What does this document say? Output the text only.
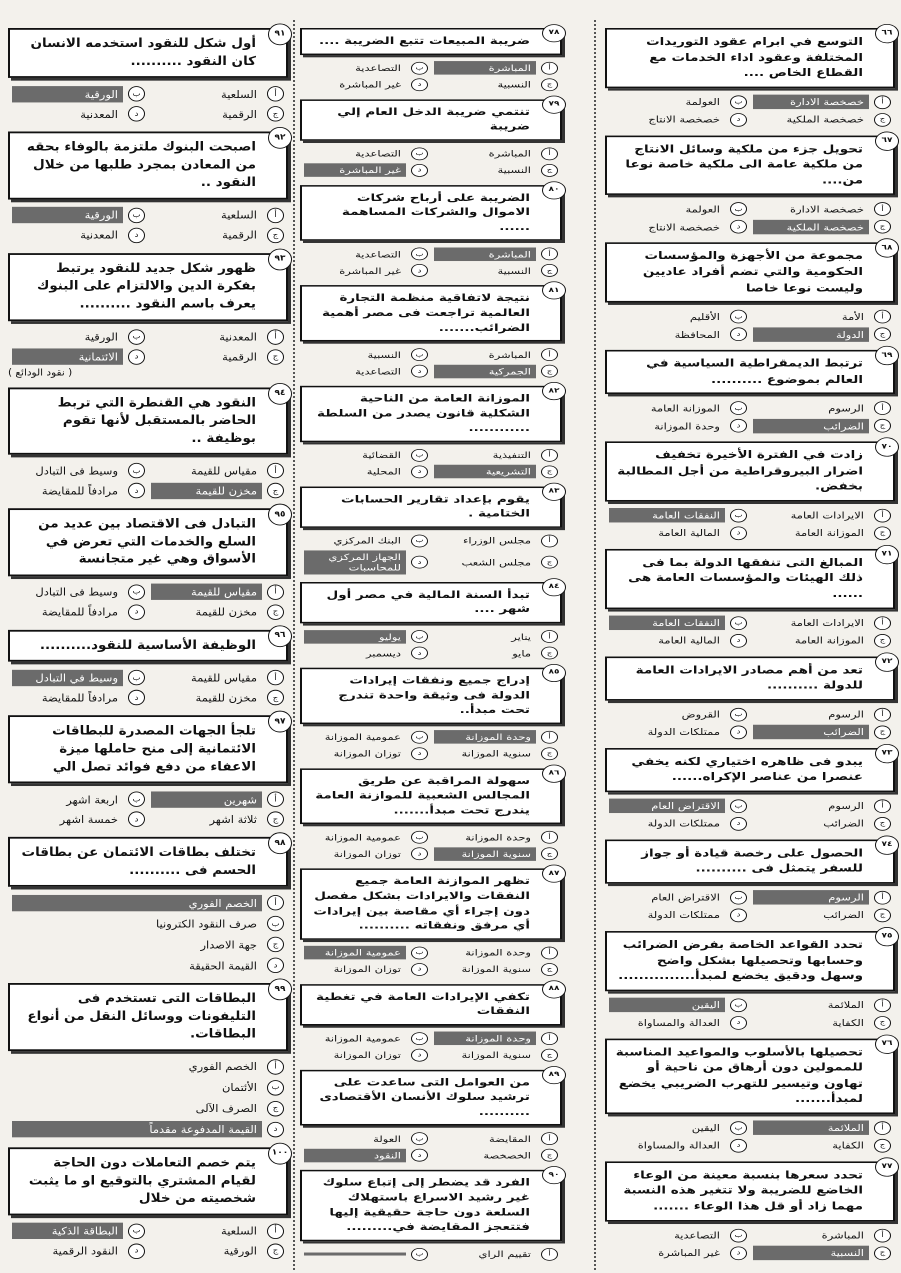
التوسع في ابرام عقود التوريدات المختلفة وعقود اداء الخدمات مع القطاع الخاص ....
٦٦
أ
خصخصة الادارة
ب
العولمة
ج
خصخصة الملكية
د
خصخصة الانتاج
تحويل جزء من ملكية وسائل الانتاج من ملكية عامة الى ملكية خاصة نوعا من....
٦٧
أ
خصخصة الادارة
ب
العولمة
ج
خصخصة الملكية
د
خصخصة الانتاج
مجموعة من الأجهزة والمؤسسات الحكومية والتي تضم أفراد عاديين وليست نوعا خاصا
٦٨
أ
الأمة
ب
الأقليم
ج
الدولة
د
المحافظة
ترتبط الديمقراطية السياسية في العالم بموضوع ..........
٦٩
أ
الرسوم
ب
الموزانة العامة
ج
الضرائب
د
وحدة الموزانة
زادت في الفترة الأخيرة تخفيف اضرار البيروقراطية من أجل المطالبة بخفض.
٧٠
أ
الايرادات العامة
ب
النفقات العامة
ج
الموزانة العامة
د
المالية العامة
المبالغ التى تنفقها الدولة بما فى ذلك الهيئات والمؤسسات العامة هى ......
٧١
أ
الايرادات العامة
ب
النفقات العامة
ج
الموزانة العامة
د
المالية العامة
تعد من أهم مصادر الايرادات العامة للدولة ..........
٧٢
أ
الرسوم
ب
القروض
ج
الضرائب
د
ممتلكات الدولة
يبدو فى ظاهره اختياري لكنه يخفي عنصرا من عناصر الإكراه......
٧٣
أ
الرسوم
ب
الاقتراض العام
ج
الضرائب
د
ممتلكات الدولة
الحصول على رخصة قيادة أو جواز للسفر يتمثل فى ..........
٧٤
أ
الرسوم
ب
الاقتراض العام
ج
الضرائب
د
ممتلكات الدولة
تحدد القواعد الخاصة بفرض الضرائب وحسابها وتحصيلها بشكل واضح وسهل ودقيق يخضع لمبدأ...............
٧٥
أ
الملائمة
ب
اليقين
ج
الكفاية
د
العدالة والمساواة
تحصيلها بالأسلوب والمواعيد المناسبة للممولين دون أرهاق من ناحية أو تهاون وتيسير للتهرب الضريبي يخضع لمبدأ.......
٧٦
أ
الملائمة
ب
اليقين
ج
الكفاية
د
العدالة والمساواة
تحدد سعرها بنسبة معينة من الوعاء الخاضع للضريبة ولا تتغير هذه النسبة مهما زاد أو قل هذا الوعاء .......
٧٧
أ
المباشرة
ب
التصاعدية
ج
النسبية
د
غير المباشرة
ضريبة المبيعات تتبع الضريبة ....
٧٨
أ
المباشرة
ب
التصاعدية
ج
النسبية
د
غير المباشرة
تنتمي ضريبة الدخل العام إلي ضريبة
٧٩
أ
المباشرة
ب
التصاعدية
ج
النسبية
د
غير المباشرة
الضريبة على أرباح شركات الاموال والشركات المساهمة ......
٨٠
أ
المباشرة
ب
التصاعدية
ج
النسبية
د
غير المباشرة
نتيجة لاتفاقية منظمة التجارة العالمية تراجعت فى مصر أهمية الضرائب.......
٨١
أ
المباشرة
ب
النسبية
ج
الجمركية
د
التصاعدية
الموزانة العامة من الناحية الشكلية قانون يصدر من السلطة ............
٨٢
أ
التنفيذية
ب
القضائية
ج
التشريعية
د
المحلية
يقوم بإعداد تقارير الحسابات الختامية .
٨٣
أ
مجلس الوزراء
ب
البنك المركزي
ج
مجلس الشعب
د
الجهاز المركزي للمحاسبات
تبدأ السنة المالية في مصر أول شهر ....
٨٤
أ
يناير
ب
يوليو
ج
مايو
د
ديسمبر
إدراج جميع ونفقات إيرادات الدولة فى وثيقة واحدة تندرج تحت مبدأ..
٨٥
أ
وحدة الموزانة
ب
عمومية الموزانة
ج
سنوية الموزانة
د
توزان الموزانة
سهولة المراقبة عن طريق المجالس الشعبية للموازنة العامة يندرج تحت مبدأ.......
٨٦
أ
وحدة الموزانة
ب
عمومية الموزانة
ج
سنوية الموزانة
د
توزان الموزانة
تظهر الموازنة العامة جميع النفقات والايرادات بشكل مفصل دون إجراء أي مقاصة بين إيرادات أي مرفق ونفقاته ..........
٨٧
أ
وحدة الموزانة
ب
عمومية الموزانة
ج
سنوية الموزانة
د
توزان الموزانة
تكفي الإيرادات العامة في تغطية النفقات
٨٨
أ
وحدة الموزانة
ب
عمومية الموزانة
ج
سنوية الموزانة
د
توزان الموزانة
من العوامل التى ساعدت على ترشيد سلوك الأنسان الأقتصادى ..........
٨٩
أ
المقايضة
ب
العولة
ج
الخصخصة
د
النقود
الفرد قد يضطر إلى إتباع سلوك غير رشيد الاسراع باستهلاك السلعة دون حاجة حقيقية إليها فتتعجز المقايضة في.........
٩٠
أ
تقييم الراي
ب
أول شكل للنقود استخدمه الانسان كان النقود ..........
٩١
أ
السلعية
ب
الورقية
ج
الرقمية
د
المعدنية
اصبحت البنوك ملتزمة بالوفاء بحقه من المعادن بمجرد طلبها من خلال النقود ..
٩٢
أ
السلعية
ب
الورقية
ج
الرقمية
د
المعدنية
ظهور شكل جديد للنقود يرتبط بفكرة الدين والالتزام على البنوك يعرف باسم النقود ..........
٩٣
أ
المعدنية
ب
الورقية
ج
الرقمية
د
الائتمانية
( نقود الودائع )
النقود هي القنطرة التي تربط الحاضر بالمستقبل لأنها تقوم بوظيفة ..
٩٤
أ
مقياس للقيمة
ب
وسيط فى التبادل
ج
مخزن للقيمة
د
مرادفاً للمقايضة
التبادل فى الاقتصاد بين عديد من السلع والخدمات التي تعرض في الأسواق وهي غير متجانسة
٩٥
أ
مقياس للقيمة
ب
وسيط فى التبادل
ج
مخزن للقيمة
د
مرادفاً للمقايضة
الوظيفة الأساسية للنقود..........
٩٦
أ
مقياس للقيمة
ب
وسيط في التبادل
ج
مخزن للقيمة
د
مرادفاً للمقايضة
تلجأ الجهات المصدرة للبطاقات الائتمانية إلى منح حاملها ميزة الاعفاء من دفع فوائد تصل الي
٩٧
أ
شهرين
ب
اربعة اشهر
ج
ثلاثة اشهر
د
خمسة اشهر
تختلف بطاقات الائتمان عن بطاقات الحسم فى ..........
٩٨
أ
الخصم الفوري
ب
صرف النقود الكترونيا
ج
جهة الاصدار
د
القيمة الحقيقة
البطاقات التى تستخدم فى التليفونات ووسائل النقل من أنواع البطاقات.
٩٩
أ
الخصم الفوري
ب
الأئتمان
ج
الصرف الآلى
د
القيمة المدفوعة مقدماً
يتم خصم التعاملات دون الحاجة لقيام المشتري بالتوقيع او ما يثبت شخصيته من خلال
١٠٠
أ
السلعية
ب
البطاقة الذكية
ج
الورقية
د
النقود الرقمية
